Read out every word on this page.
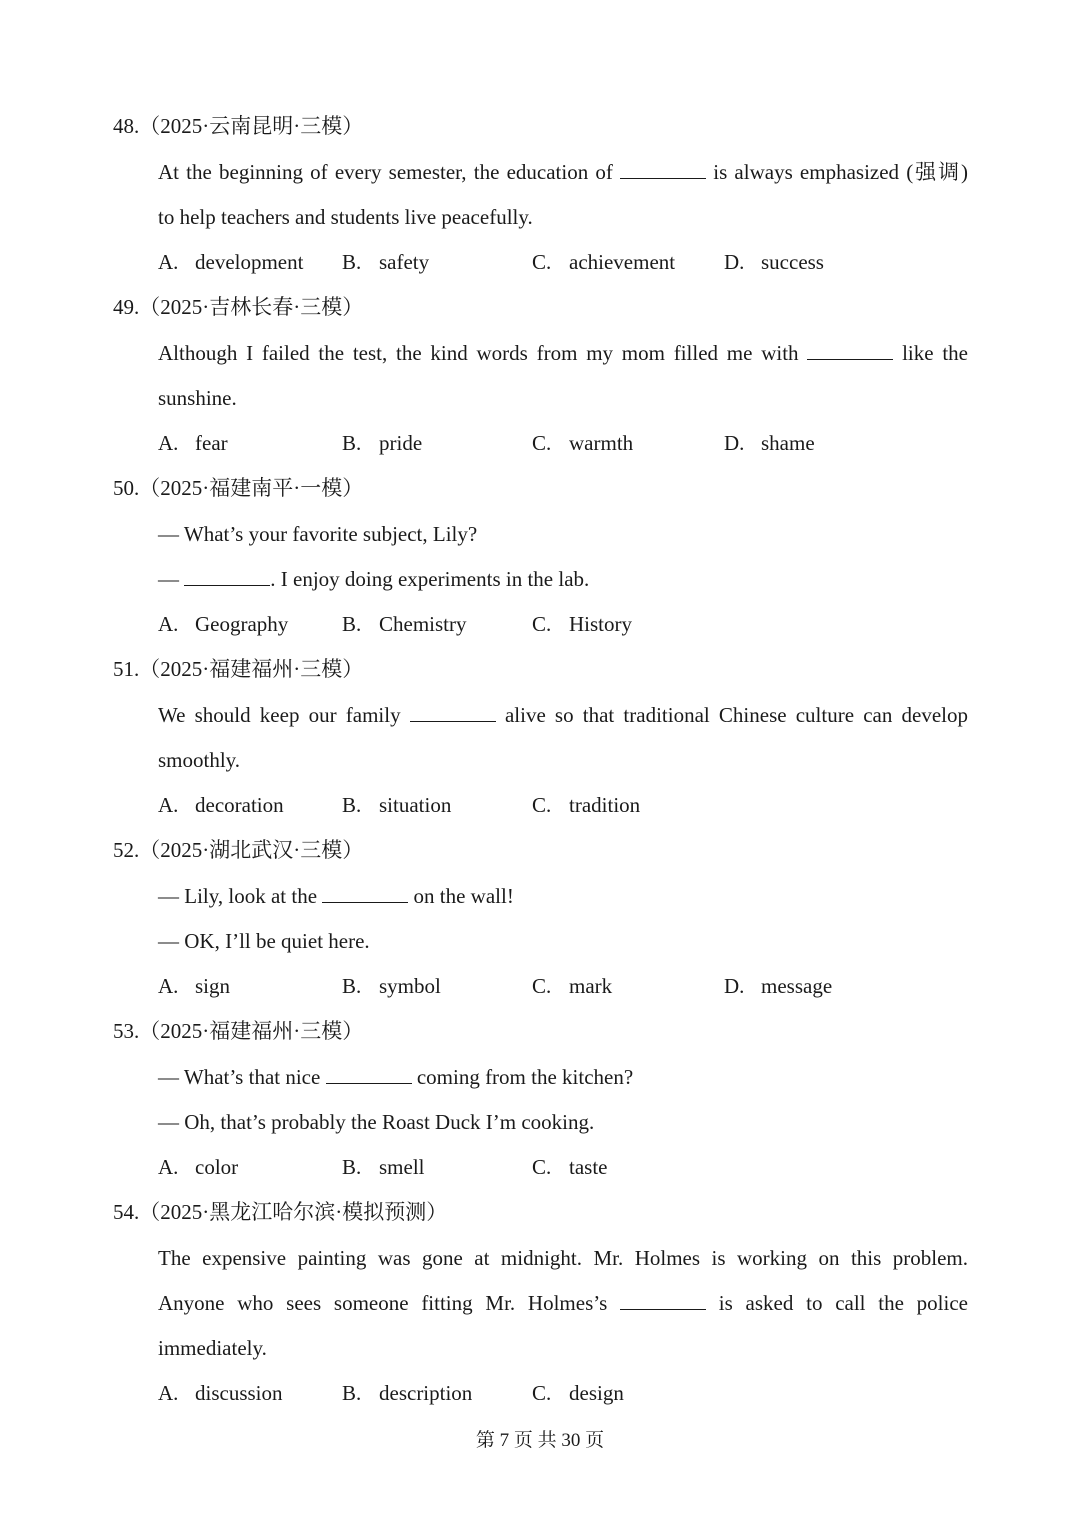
48.（2025·云南昆明·三模）
At the beginning of every semester, the education of	is always emphasized (强调)
to help teachers and students live peacefully.
A. development B. safety	C. achievement D. success
49.（2025·吉林长春·三模）
Although I failed the test, the kind words from my mom filled me with	like the
sunshine.
A. fear	B. pride	C. warmth	D. shame
50.（2025·福建南平·一模）
— What’s your favorite subject, Lily?
—	. I enjoy doing experiments in the lab.
A. Geography	B. Chemistry	C. History
51.（2025·福建福州·三模）
We should keep our family	alive so that traditional Chinese culture can develop
smoothly.
A. decoration	B. situation	C. tradition
52.（2025·湖北武汉·三模）
— Lily, look at the	on the wall!
— OK, I’ll be quiet here.
A. sign	B. symbol	C. mark	D. message
53.（2025·福建福州·三模）
— What’s that nice	coming from the kitchen?
— Oh, that’s probably the Roast Duck I’m cooking.
A. color	B. smell	C. taste
54.（2025·黑龙江哈尔滨·模拟预测）
The expensive painting was gone at midnight. Mr. Holmes is working on this problem.
Anyone who sees someone fitting Mr. Holmes’s	is asked to call the police
immediately.
A. discussion	B. description	C. design
第 7 页 共 30 页
